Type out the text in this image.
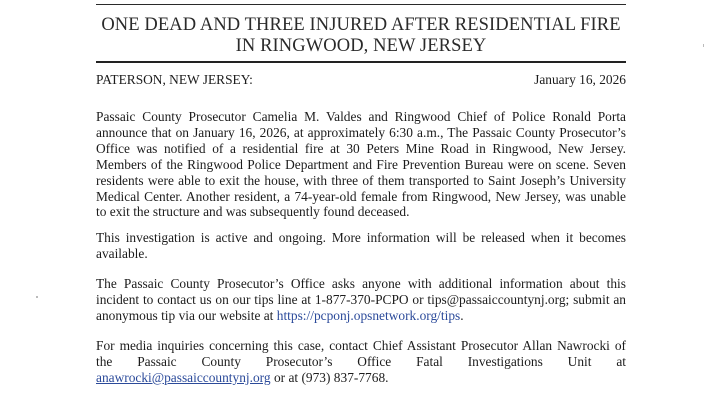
ONE DEAD AND THREE INJURED AFTER RESIDENTIAL FIRE
IN RINGWOOD, NEW JERSEY
PATERSON, NEW JERSEY:	January 16, 2026

Passaic County Prosecutor Camelia M. Valdes and Ringwood Chief of Police Ronald Porta announce that on January 16, 2026, at approximately 6:30 a.m., The Passaic County Prosecutor’s Office was notified of a residential fire at 30 Peters Mine Road in Ringwood, New Jersey. Members of the Ringwood Police Department and Fire Prevention Bureau were on scene. Seven residents were able to exit the house, with three of them transported to Saint Joseph’s University Medical Center. Another resident, a 74-year-old female from Ringwood, New Jersey, was unable to exit the structure and was subsequently found deceased.

This investigation is active and ongoing. More information will be released when it becomes available.

The Passaic County Prosecutor’s Office asks anyone with additional information about this incident to contact us on our tips line at 1-877-370-PCPO or tips@passaiccountynj.org; submit an anonymous tip via our website at https://pcponj.opsnetwork.org/tips.

For media inquiries concerning this case, contact Chief Assistant Prosecutor Allan Nawrocki of
the Passaic County Prosecutor’s Office Fatal Investigations Unit at
anawrocki@passaiccountynj.org or at (973) 837-7768.
